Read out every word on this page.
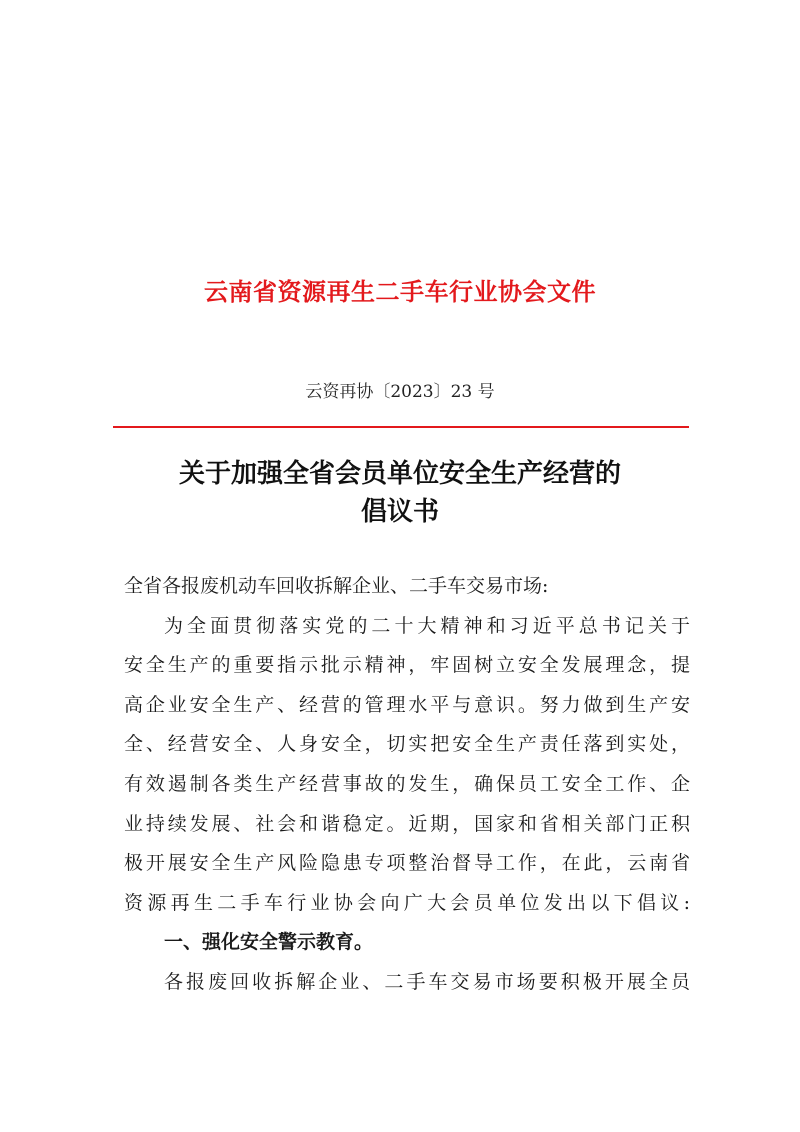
云南省资源再生二手车行业协会文件
云资再协〔2023〕23 号
关于加强全省会员单位安全生产经营的
倡议书
全省各报废机动车回收拆解企业、二手车交易市场:
为全面贯彻落实党的二十大精神和习近平总书记关于
安全生产的重要指示批示精神，牢固树立安全发展理念，提
高企业安全生产、经营的管理水平与意识。努力做到生产安
全、经营安全、人身安全，切实把安全生产责任落到实处，
有效遏制各类生产经营事故的发生，确保员工安全工作、企
业持续发展、社会和谐稳定。近期，国家和省相关部门正积
极开展安全生产风险隐患专项整治督导工作，在此，云南省
资源再生二手车行业协会向广大会员单位发出以下倡议:
一、强化安全警示教育。
各报废回收拆解企业、二手车交易市场要积极开展全员
